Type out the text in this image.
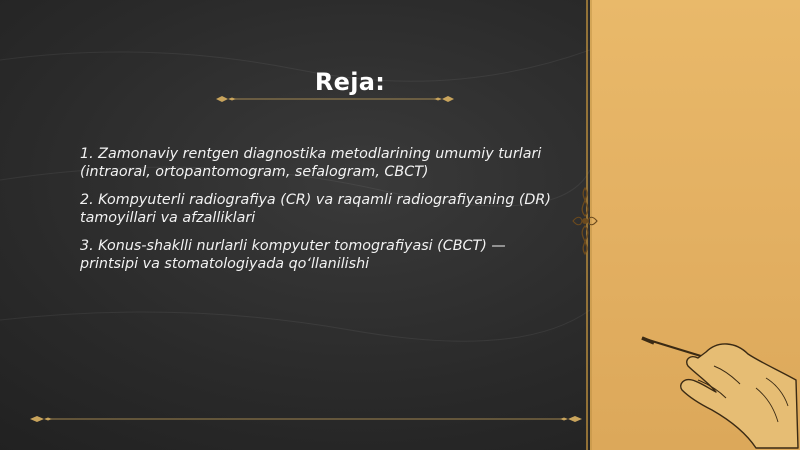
Reja:

1. Zamonaviy rentgen diagnostika metodlarining umumiy turlari

(intraoral, ortopantomogram, sefalogram, CBCT)

2. Kompyuterli radiografiya (CR) va raqamli radiografiyaning (DR)

tamoyillari va afzalliklari

3. Konus-shaklli nurlarli kompyuter tomografiyasi (CBCT) —

printsipi va stomatologiyada qo‘llanilishi
